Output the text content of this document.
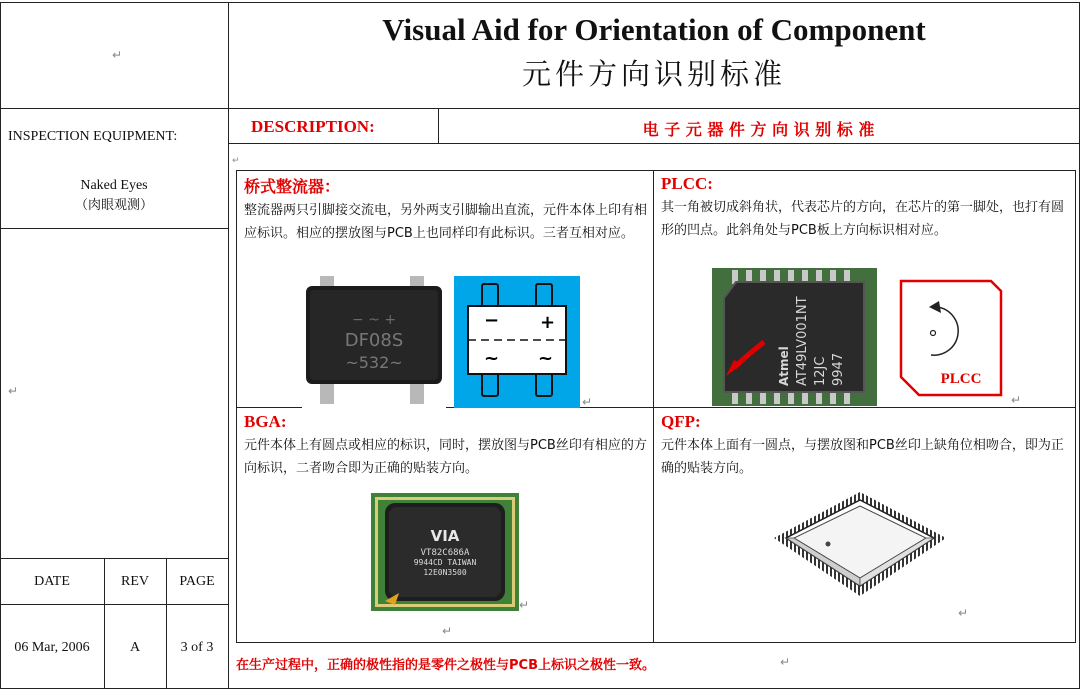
↵
Visual Aid for Orientation of Component
元件方向识别标准
INSPECTION EQUIPMENT:
Naked Eyes
（肉眼观测）
↵
DATE	REV	PAGE
06 Mar, 2006	A	3 of 3
DESCRIPTION:	电 子 元 器 件 方 向 识 别 标 准
↵
桥式整流器：
整流器两只引脚接交流电，另外两支引脚输出直流，元件本体上印有相应标识。相应的摆放图与PCB上也同样印有此标识。三者互相对应。
− ~ +
DF08S
~532~
− +
~ ~
↵
PLCC:
其一角被切成斜角状，代表芯片的方向，在芯片的第一脚处，也打有圆形的凹点。此斜角处与PCB板上方向标识相对应。
Atmel AT49LV001NT 12JC 9947	PLCC
↵
BGA:
元件本体上有圆点或相应的标识，同时，摆放图与PCB丝印有相应的方向标识，二者吻合即为正确的贴装方向。
VIA
VT82C686A
9944CD TAIWAN
12E0N3500
↵
↵
QFP:
元件本体上面有一圆点，与摆放图和PCB丝印上缺角位相吻合，即为正确的贴装方向。
↵
在生产过程中，正确的极性指的是零件之极性与PCB上标识之极性一致。	↵
